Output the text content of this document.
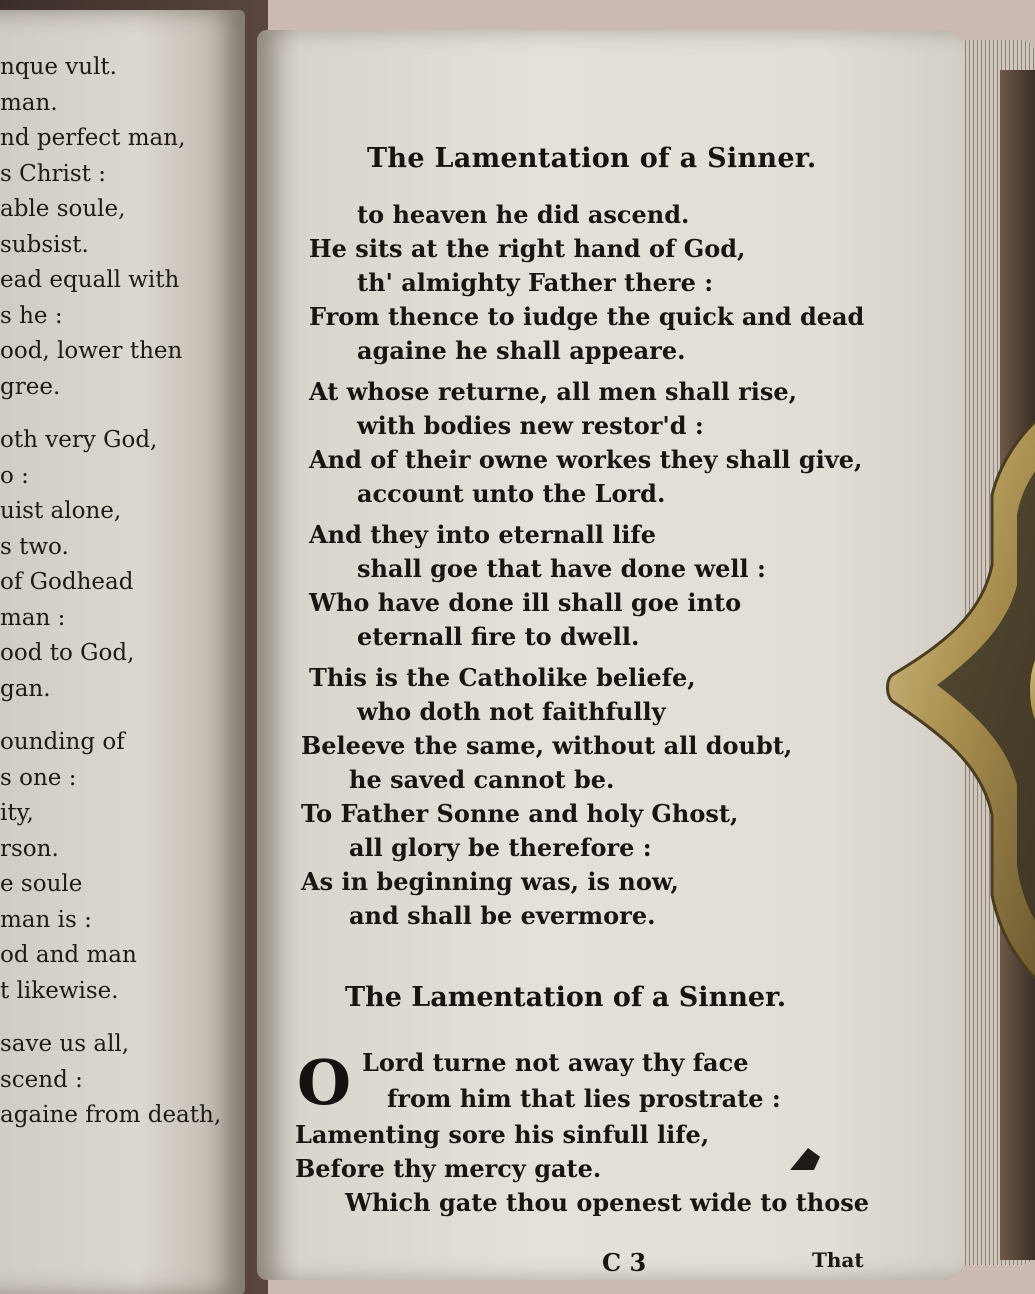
nque vult.
man.
nd perfect man,
s Christ :
able soule,
subsist.
ead equall with
s he :
ood, lower then
gree.
oth very God,
o :
uist alone,
s two.
of Godhead
man :
ood to God,
gan.
ounding of
s one :
ity,
rson.
e soule
man is :
od and man
t likewise.
save us all,
scend :
againe from death,
The Lamentation of a Sinner.
to heaven he did ascend.
He sits at the right hand of God,
th' almighty Father there :
From thence to iudge the quick and dead
againe he shall appeare.
At whose returne, all men shall rise,
with bodies new restor'd :
And of their owne workes they shall give,
account unto the Lord.
And they into eternall life
shall goe that have done well :
Who have done ill shall goe into
eternall fire to dwell.
This is the Catholike beliefe,
who doth not faithfully
Beleeve the same, without all doubt,
he saved cannot be.
To Father Sonne and holy Ghost,
all glory be therefore :
As in beginning was, is now,
and shall be evermore.
The Lamentation of a Sinner.
O Lord turne not away thy face
from him that lies prostrate :
Lamenting sore his sinfull life,
Before thy mercy gate.
Which gate thou openest wide to those
C 3	That
